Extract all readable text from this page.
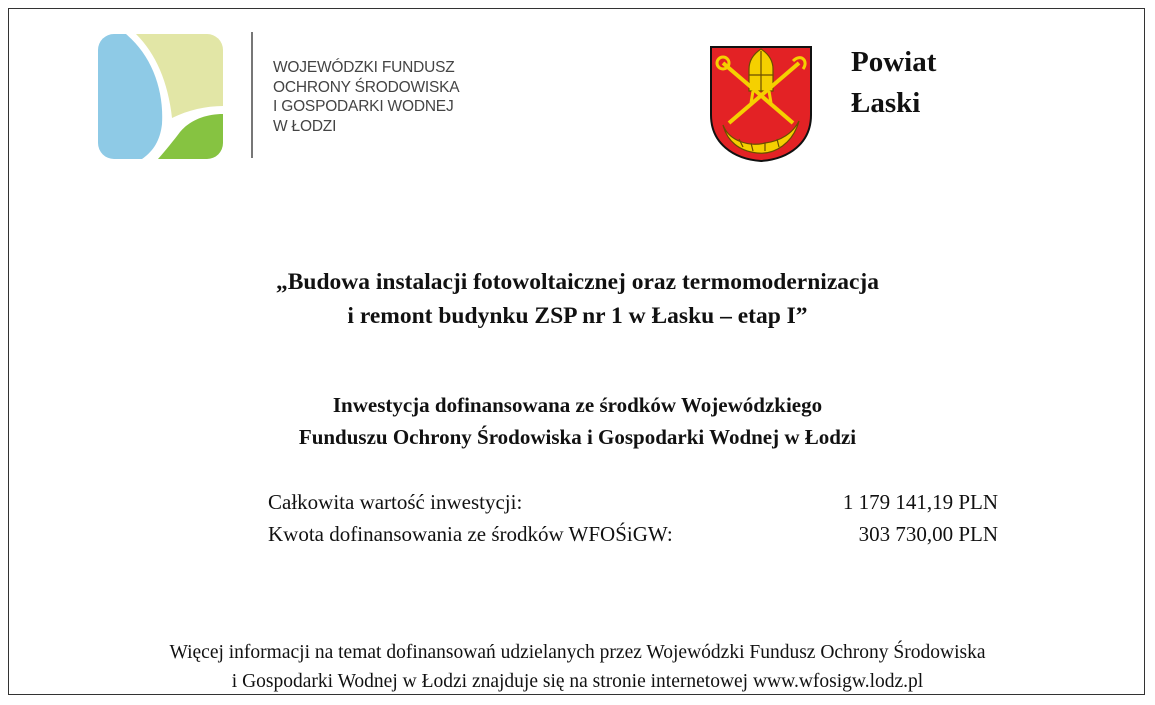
WOJEWÓDZKI FUNDUSZ
OCHRONY ŚRODOWISKA
I GOSPODARKI WODNEJ
W ŁODZI
Powiat
Łaski
„Budowa instalacji fotowoltaicznej oraz termomodernizacja
i remont budynku ZSP nr 1 w Łasku – etap I”
Inwestycja dofinansowana ze środków Wojewódzkiego
Funduszu Ochrony Środowiska i Gospodarki Wodnej w Łodzi
Całkowita wartość inwestycji:	1 179 141,19 PLN
Kwota dofinansowania ze środków WFOŚiGW:	303 730,00 PLN
Więcej informacji na temat dofinansowań udzielanych przez Wojewódzki Fundusz Ochrony Środowiska
i Gospodarki Wodnej w Łodzi znajduje się na stronie internetowej www.wfosigw.lodz.pl
